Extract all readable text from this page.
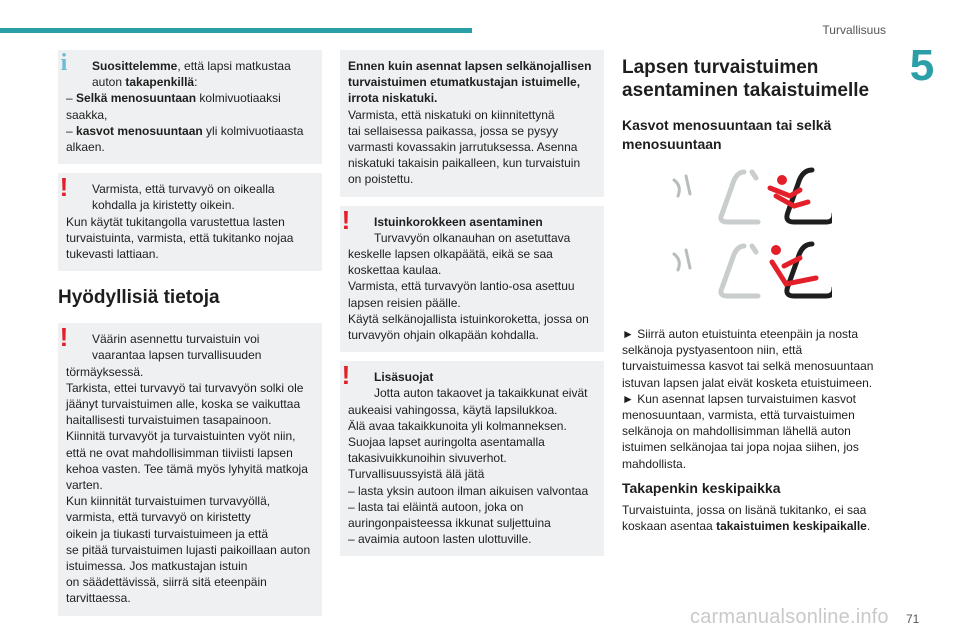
Turvallisuus
5
i	Suosittelemme, että lapsi matkustaa
auton takapenkillä:
– Selkä menosuuntaan kolmivuotiaaksi saakka,
– kasvot menosuuntaan yli kolmivuotiaasta alkaen.
!	Varmista, että turvavyö on oikealla kohdalla ja kiristetty oikein.
Kun käytät tukitangolla varustettua lasten turvaistuinta, varmista, että tukitanko nojaa tukevasti lattiaan.
Hyödyllisiä tietoja
!	Väärin asennettu turvaistuin voi vaarantaa lapsen turvallisuuden
törmäyksessä.
Tarkista, ettei turvavyö tai turvavyön solki ole jäänyt turvaistuimen alle, koska se vaikuttaa haitallisesti turvaistuimen tasapainoon.
Kiinnitä turvavyöt ja turvaistuinten vyöt niin, että ne ovat mahdollisimman tiiviisti lapsen kehoa vasten. Tee tämä myös lyhyitä matkoja varten.
Kun kiinnität turvaistuimen turvavyöllä, varmista, että turvavyö on kiristetty
oikein ja tiukasti turvaistuimeen ja että
se pitää turvaistuimen lujasti paikoillaan auton istuimessa. Jos matkustajan istuin
on säädettävissä, siirrä sitä eteenpäin tarvittaessa.
Ennen kuin asennat lapsen selkänojallisen turvaistuimen etumatkustajan istuimelle, irrota niskatuki.
Varmista, että niskatuki on kiinnitettynä
tai sellaisessa paikassa, jossa se pysyy varmasti kovassakin jarrutuksessa. Asenna niskatuki takaisin paikalleen, kun turvaistuin on poistettu.
!	Istuinkorokkeen asentaminen
Turvavyön olkanauhan on asetuttava
keskelle lapsen olkapäätä, eikä se saa koskettaa kaulaa.
Varmista, että turvavyön lantio-osa asettuu lapsen reisien päälle.
Käytä selkänojallista istuinkoroketta, jossa on turvavyön ohjain olkapään kohdalla.
!	Lisäsuojat
Jotta auton takaovet ja takaikkunat eivät
aukeaisi vahingossa, käytä lapsilukkoa.
Älä avaa takaikkunoita yli kolmanneksen.
Suojaa lapset auringolta asentamalla takasivuikkunoihin sivuverhot.
Turvallisuussyistä älä jätä
– lasta yksin autoon ilman aikuisen valvontaa
– lasta tai eläintä autoon, joka on auringonpaisteessa ikkunat suljettuina
– avaimia autoon lasten ulottuville.
Lapsen turvaistuimen asentaminen takaistuimelle
Kasvot menosuuntaan tai selkä menosuuntaan
► Siirrä auton etuistuinta eteenpäin ja nosta selkänoja pystyasentoon niin, että turvaistuimessa kasvot tai selkä menosuuntaan istuvan lapsen jalat eivät kosketa etuistuimeen.
► Kun asennat lapsen turvaistuimen kasvot menosuuntaan, varmista, että turvaistuimen selkänoja on mahdollisimman lähellä auton istuimen selkänojaa tai jopa nojaa siihen, jos mahdollista.
Takapenkin keskipaikka
Turvaistuinta, jossa on lisänä tukitanko, ei saa koskaan asentaa takaistuimen keskipaikalle.
71
carmanualsonline.info
